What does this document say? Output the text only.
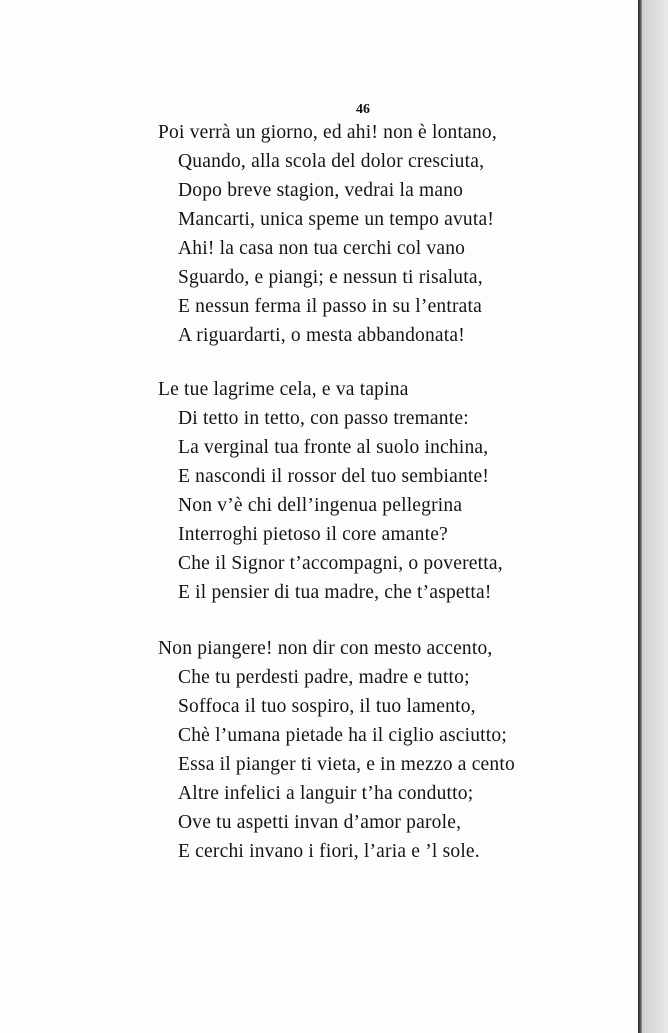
46
Poi verrà un giorno, ed ahi! non è lontano,
Quando, alla scola del dolor cresciuta,
Dopo breve stagion, vedrai la mano
Mancarti, unica speme un tempo avuta!
Ahi! la casa non tua cerchi col vano
Sguardo, e piangi; e nessun ti risaluta,
E nessun ferma il passo in su l’entrata
A riguardarti, o mesta abbandonata!
Le tue lagrime cela, e va tapina
Di tetto in tetto, con passo tremante:
La verginal tua fronte al suolo inchina,
E nascondi il rossor del tuo sembiante!
Non v’è chi dell’ingenua pellegrina
Interroghi pietoso il core amante?
Che il Signor t’accompagni, o poveretta,
E il pensier di tua madre, che t’aspetta!
Non piangere! non dir con mesto accento,
Che tu perdesti padre, madre e tutto;
Soffoca il tuo sospiro, il tuo lamento,
Chè l’umana pietade ha il ciglio asciutto;
Essa il pianger ti vieta, e in mezzo a cento
Altre infelici a languir t’ha condutto;
Ove tu aspetti invan d’amor parole,
E cerchi invano i fiori, l’aria e ’l sole.
